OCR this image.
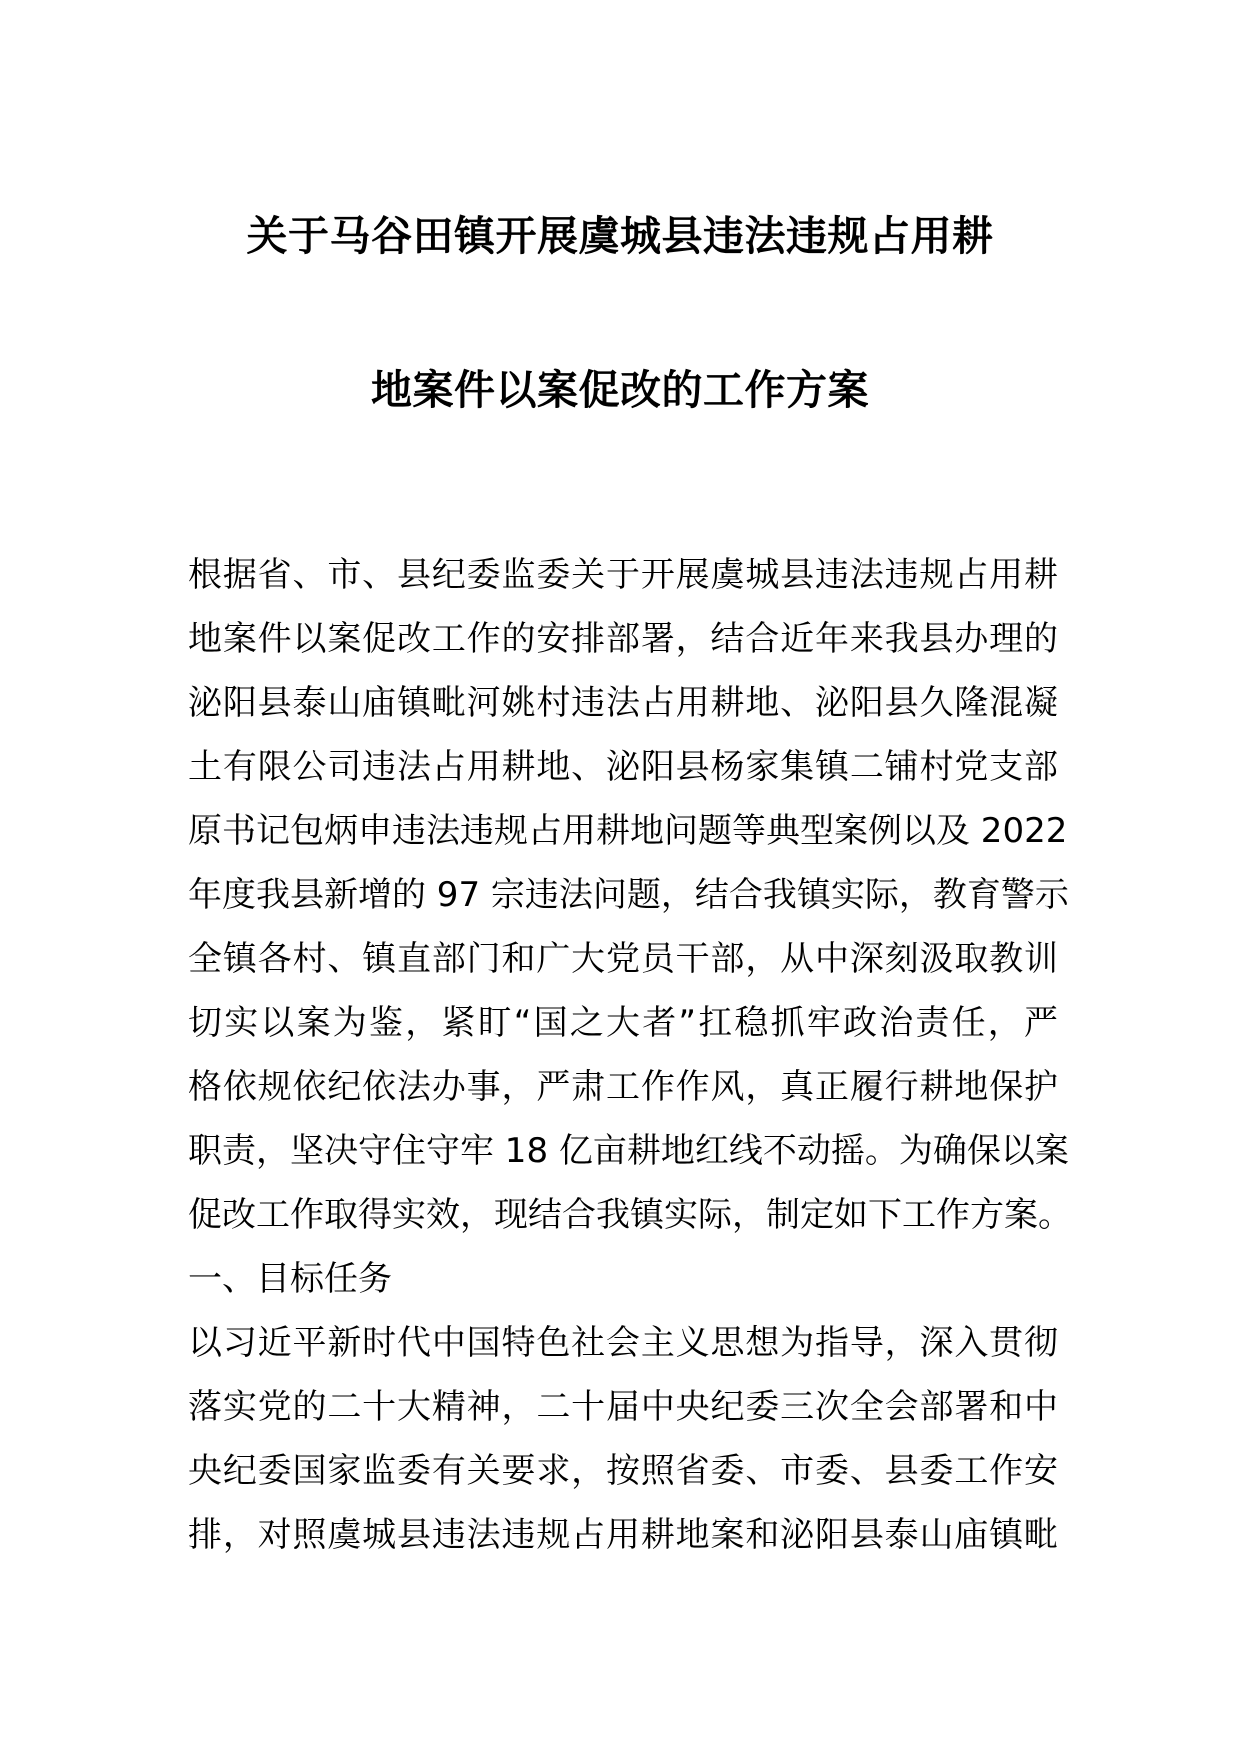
关于马谷田镇开展虞城县违法违规占用耕
地案件以案促改的工作方案
根据省、市、县纪委监委关于开展虞城县违法违规占用耕
地案件以案促改工作的安排部署，结合近年来我县办理的
泌阳县泰山庙镇毗河姚村违法占用耕地、泌阳县久隆混凝
土有限公司违法占用耕地、泌阳县杨家集镇二铺村党支部
原书记包炳申违法违规占用耕地问题等典型案例以及 2022
年度我县新增的 97 宗违法问题，结合我镇实际，教育警示
全镇各村、镇直部门和广大党员干部，从中深刻汲取教训
切实以案为鉴，紧盯“国之大者”扛稳抓牢政治责任，严
格依规依纪依法办事，严肃工作作风，真正履行耕地保护
职责，坚决守住守牢 18 亿亩耕地红线不动摇。为确保以案
促改工作取得实效，现结合我镇实际，制定如下工作方案。
一、目标任务
以习近平新时代中国特色社会主义思想为指导，深入贯彻
落实党的二十大精神，二十届中央纪委三次全会部署和中
央纪委国家监委有关要求，按照省委、市委、县委工作安
排，对照虞城县违法违规占用耕地案和泌阳县泰山庙镇毗
